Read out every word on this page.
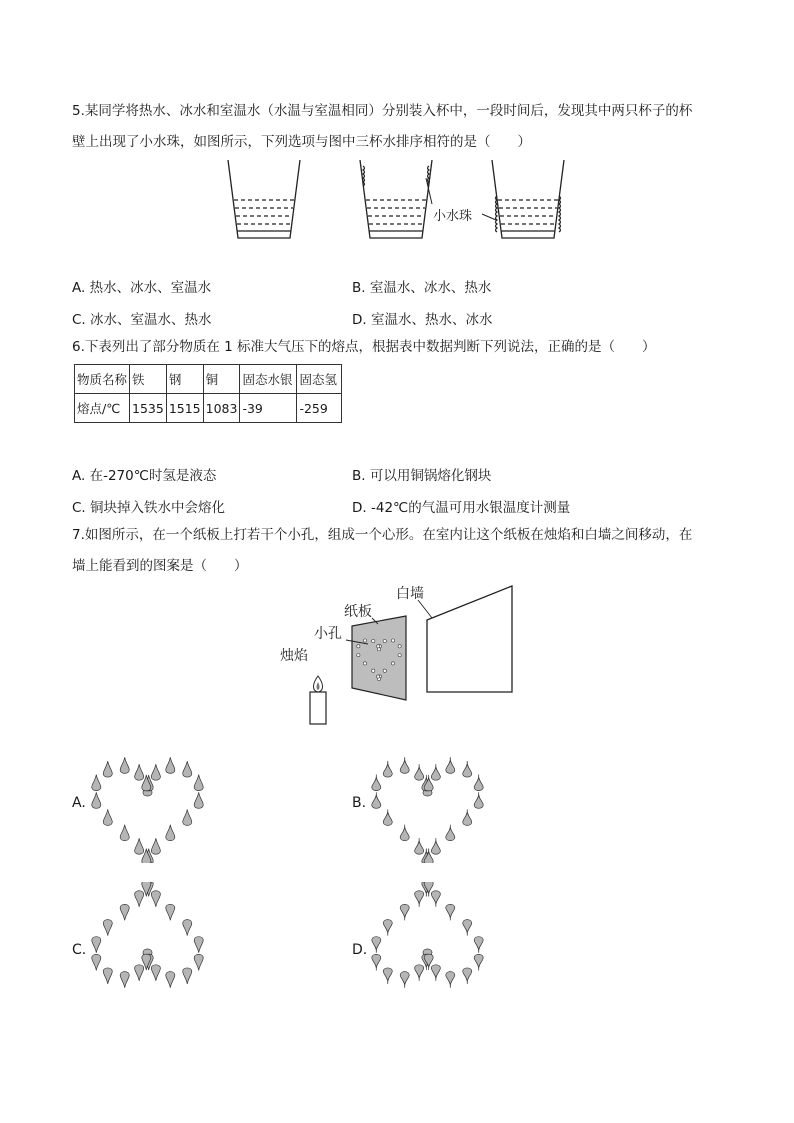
5.某同学将热水、冰水和室温水（水温与室温相同）分别装入杯中，一段时间后，发现其中两只杯子的杯
壁上出现了小水珠，如图所示，下列选项与图中三杯水排序相符的是（　　）
小水珠
A. 热水、冰水、室温水	B. 室温水、冰水、热水
C. 冰水、室温水、热水	D. 室温水、热水、冰水
6.下表列出了部分物质在 1 标准大气压下的熔点，根据表中数据判断下列说法，正确的是（　　）
物质名称	铁	钢	铜	固态水银	固态氢
熔点/℃	1535	1515	1083	-39	-259
A. 在-270℃时氢是液态	B. 可以用铜锅熔化钢块
C. 铜块掉入铁水中会熔化	D. -42℃的气温可用水银温度计测量
7.如图所示，在一个纸板上打若干个小孔，组成一个心形。在室内让这个纸板在烛焰和白墙之间移动，在
墙上能看到的图案是（　　）
白墙
纸板
小孔
烛焰
A.	B.
C.	D.
